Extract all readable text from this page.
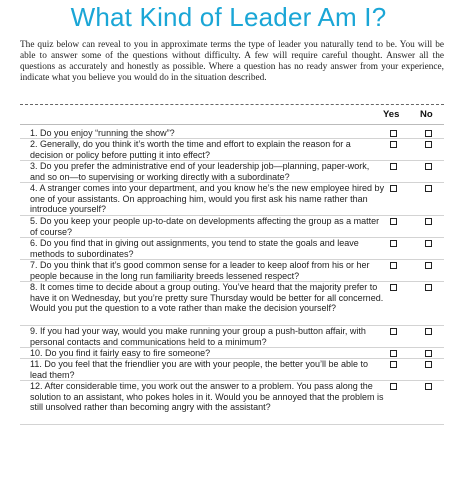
What Kind of Leader Am I?
The quiz below can reveal to you in approximate terms the type of leader you naturally tend to be. You will be able to answer some of the questions without difficulty. A few will require careful thought. Answer all the questions as accurately and honestly as possible. Where a question has no ready answer from your experience, indicate what you believe you would do in the situation described.
Yes No
1. Do you enjoy “running the show”?
2. Generally, do you think it’s worth the time and effort to explain the reason for a decision or policy before putting it into effect?
3. Do you prefer the administrative end of your leadership job—planning, paper-work, and so on—to supervising or working directly with a subordinate?
4. A stranger comes into your department, and you know he’s the new employee hired by one of your assistants. On approaching him, would you first ask his name rather than introduce yourself?
5. Do you keep your people up-to-date on developments affecting the group as a matter of course?
6. Do you find that in giving out assignments, you tend to state the goals and leave methods to subordinates?
7. Do you think that it’s good common sense for a leader to keep aloof from his or her people because in the long run familiarity breeds lessened respect?
8. It comes time to decide about a group outing. You’ve heard that the majority prefer to have it on Wednesday, but you’re pretty sure Thursday would be better for all concerned. Would you put the question to a vote rather than make the decision yourself?
9. If you had your way, would you make running your group a push-button affair, with personal contacts and communications held to a minimum?
10. Do you find it fairly easy to fire someone?
11. Do you feel that the friendlier you are with your people, the better you’ll be able to lead them?
12. After considerable time, you work out the answer to a problem. You pass along the solution to an assistant, who pokes holes in it. Would you be annoyed that the problem is still unsolved rather than becoming angry with the assistant?
